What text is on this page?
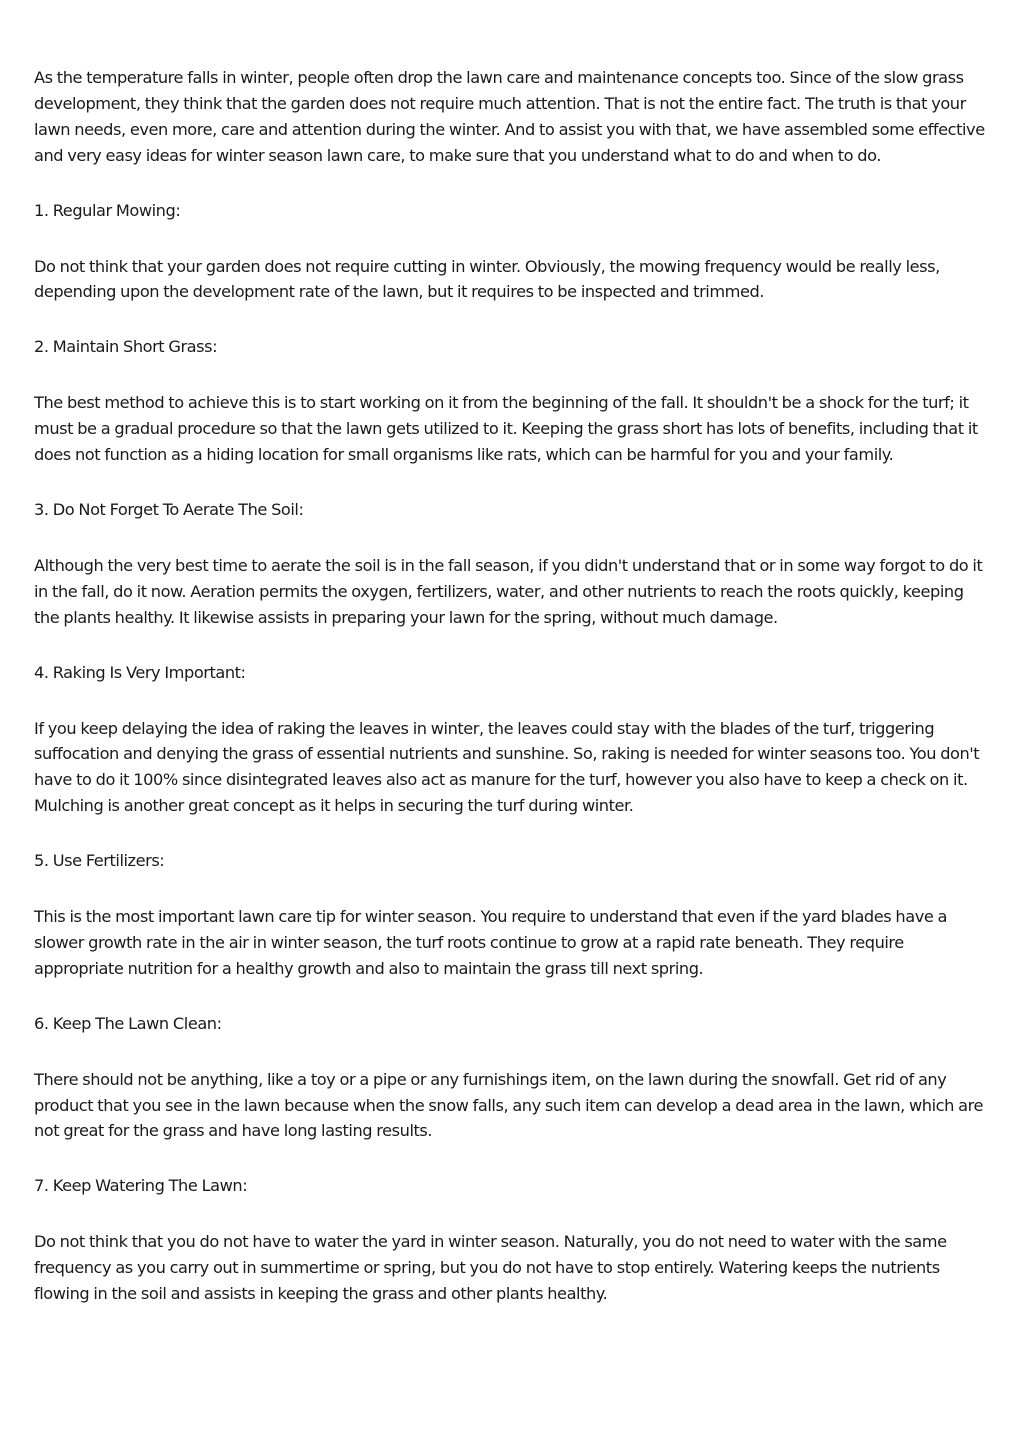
As the temperature falls in winter, people often drop the lawn care and maintenance concepts too. Since of the slow grass development, they think that the garden does not require much attention. That is not the entire fact. The truth is that your lawn needs, even more, care and attention during the winter. And to assist you with that, we have assembled some effective and very easy ideas for winter season lawn care, to make sure that you understand what to do and when to do.

1. Regular Mowing:

Do not think that your garden does not require cutting in winter. Obviously, the mowing frequency would be really less, depending upon the development rate of the lawn, but it requires to be inspected and trimmed.

2. Maintain Short Grass:

The best method to achieve this is to start working on it from the beginning of the fall. It shouldn't be a shock for the turf; it must be a gradual procedure so that the lawn gets utilized to it. Keeping the grass short has lots of benefits, including that it does not function as a hiding location for small organisms like rats, which can be harmful for you and your family.

3. Do Not Forget To Aerate The Soil:

Although the very best time to aerate the soil is in the fall season, if you didn't understand that or in some way forgot to do it in the fall, do it now. Aeration permits the oxygen, fertilizers, water, and other nutrients to reach the roots quickly, keeping the plants healthy. It likewise assists in preparing your lawn for the spring, without much damage.

4. Raking Is Very Important:

If you keep delaying the idea of raking the leaves in winter, the leaves could stay with the blades of the turf, triggering suffocation and denying the grass of essential nutrients and sunshine. So, raking is needed for winter seasons too. You don't have to do it 100% since disintegrated leaves also act as manure for the turf, however you also have to keep a check on it. Mulching is another great concept as it helps in securing the turf during winter.

5. Use Fertilizers:

This is the most important lawn care tip for winter season. You require to understand that even if the yard blades have a slower growth rate in the air in winter season, the turf roots continue to grow at a rapid rate beneath. They require appropriate nutrition for a healthy growth and also to maintain the grass till next spring.

6. Keep The Lawn Clean:

There should not be anything, like a toy or a pipe or any furnishings item, on the lawn during the snowfall. Get rid of any product that you see in the lawn because when the snow falls, any such item can develop a dead area in the lawn, which are not great for the grass and have long lasting results.

7. Keep Watering The Lawn:

Do not think that you do not have to water the yard in winter season. Naturally, you do not need to water with the same frequency as you carry out in summertime or spring, but you do not have to stop entirely. Watering keeps the nutrients flowing in the soil and assists in keeping the grass and other plants healthy.
